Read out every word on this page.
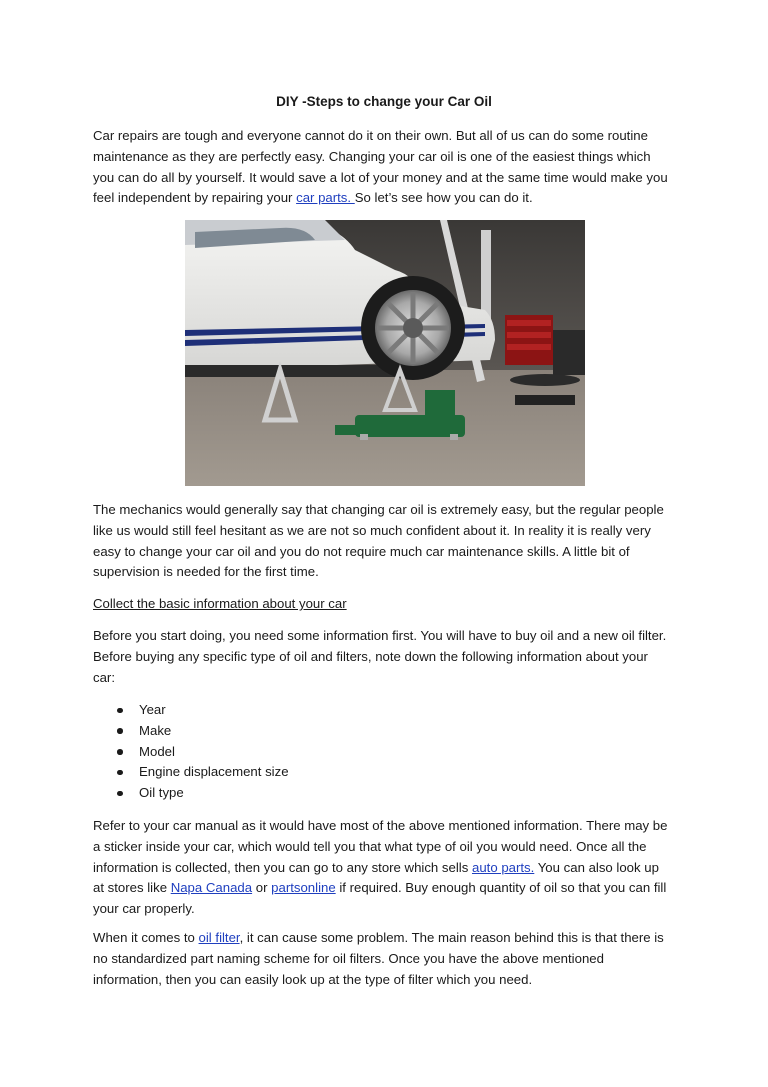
DIY -Steps to change your Car Oil
Car repairs are tough and everyone cannot do it on their own. But all of us can do some routine maintenance as they are perfectly easy. Changing your car oil is one of the easiest things which you can do all by yourself. It would save a lot of your money and at the same time would make you feel independent by repairing your car parts. So let’s see how you can do it.
The mechanics would generally say that changing car oil is extremely easy, but the regular people like us would still feel hesitant as we are not so much confident about it. In reality it is really very easy to change your car oil and you do not require much car maintenance skills. A little bit of supervision is needed for the first time.
Collect the basic information about your car
Before you start doing, you need some information first. You will have to buy oil and a new oil filter. Before buying any specific type of oil and filters, note down the following information about your car:
Year
Make
Model
Engine displacement size
Oil type
Refer to your car manual as it would have most of the above mentioned information. There may be a sticker inside your car, which would tell you that what type of oil you would need. Once all the information is collected, then you can go to any store which sells auto parts. You can also look up at stores like Napa Canada or partsonline if required. Buy enough quantity of oil so that you can fill your car properly.
When it comes to oil filter, it can cause some problem. The main reason behind this is that there is no standardized part naming scheme for oil filters. Once you have the above mentioned information, then you can easily look up at the type of filter which you need.
